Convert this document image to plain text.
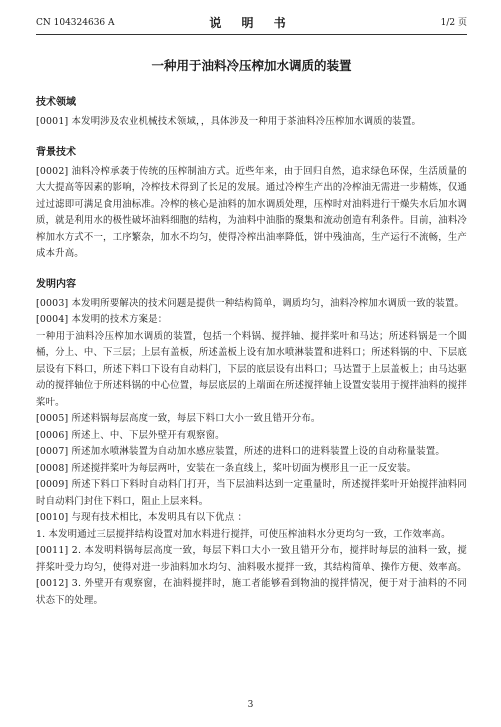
CN 104324636 A	说 明 书	1/2 页
一种用于油料冷压榨加水调质的装置
技术领域

[0001] 本发明涉及农业机械技术领域，，具体涉及一种用于茶油料冷压榨加水调质的装置。

背景技术

[0002] 油料冷榨承袭于传统的压榨制油方式。近些年来，由于回归自然，追求绿色环保，生活质量的大大提高等因素的影响，冷榨技术得到了长足的发展。通过冷榨生产出的冷榨油无需进一步精炼，仅通过过滤即可满足食用油标准。冷榨的核心是油料的加水调质处理，压榨时对油料进行干燥失水后加水调质，就是利用水的极性破坏油料细胞的结构，为油料中油脂的聚集和流动创造有利条件。目前，油料冷榨加水方式不一，工序繁杂，加水不均匀，使得冷榨出油率降低，饼中残油高，生产运行不流畅，生产成本升高。

发明内容

[0003] 本发明所要解决的技术问题是提供一种结构简单，调质均匀，油料冷榨加水调质一致的装置。

[0004] 本发明的技术方案是：

一种用于油料冷压榨加水调质的装置，包括一个料锅、搅拌轴、搅拌桨叶和马达；所述料锅是一个圆桶，分上、中、下三层；上层有盖板，所述盖板上设有加水喷淋装置和进料口；所述料锅的中、下层底层设有下料口，所述下料口下设有自动料门，下层的底层设有出料口；马达置于上层盖板上；由马达驱动的搅拌轴位于所述料锅的中心位置，每层底层的上端面在所述搅拌轴上设置安装用于搅拌油料的搅拌桨叶。

[0005] 所述料锅每层高度一致，每层下料口大小一致且错开分布。

[0006] 所述上、中、下层外壁开有观察窗。

[0007] 所述加水喷淋装置为自动加水感应装置，所述的进料口的进料装置上设的自动称量装置。

[0008] 所述搅拌桨叶为每层两叶，安装在一条直线上，桨叶切面为楔形且一正一反安装。

[0009] 所述下料口下料时自动料门打开，当下层油料达到一定重量时，所述搅拌桨叶开始搅拌油料同时自动料门封住下料口，阻止上层来料。

[0010] 与现有技术相比，本发明具有以下优点 ：

1. 本发明通过三层搅拌结构设置对加水料进行搅拌，可使压榨油料水分更均匀一致，工作效率高。

[0011] 2. 本发明料锅每层高度一致，每层下料口大小一致且错开分布，搅拌时每层的油料一致，搅拌桨叶受力均匀，使得对进一步油料加水均匀、油料吸水搅拌一致，其结构简单、操作方便、效率高。

[0012] 3. 外壁开有观察窗，在油料搅拌时，施工者能够看到物油的搅拌情况，便于对于油料的不同状态下的处理。

3
